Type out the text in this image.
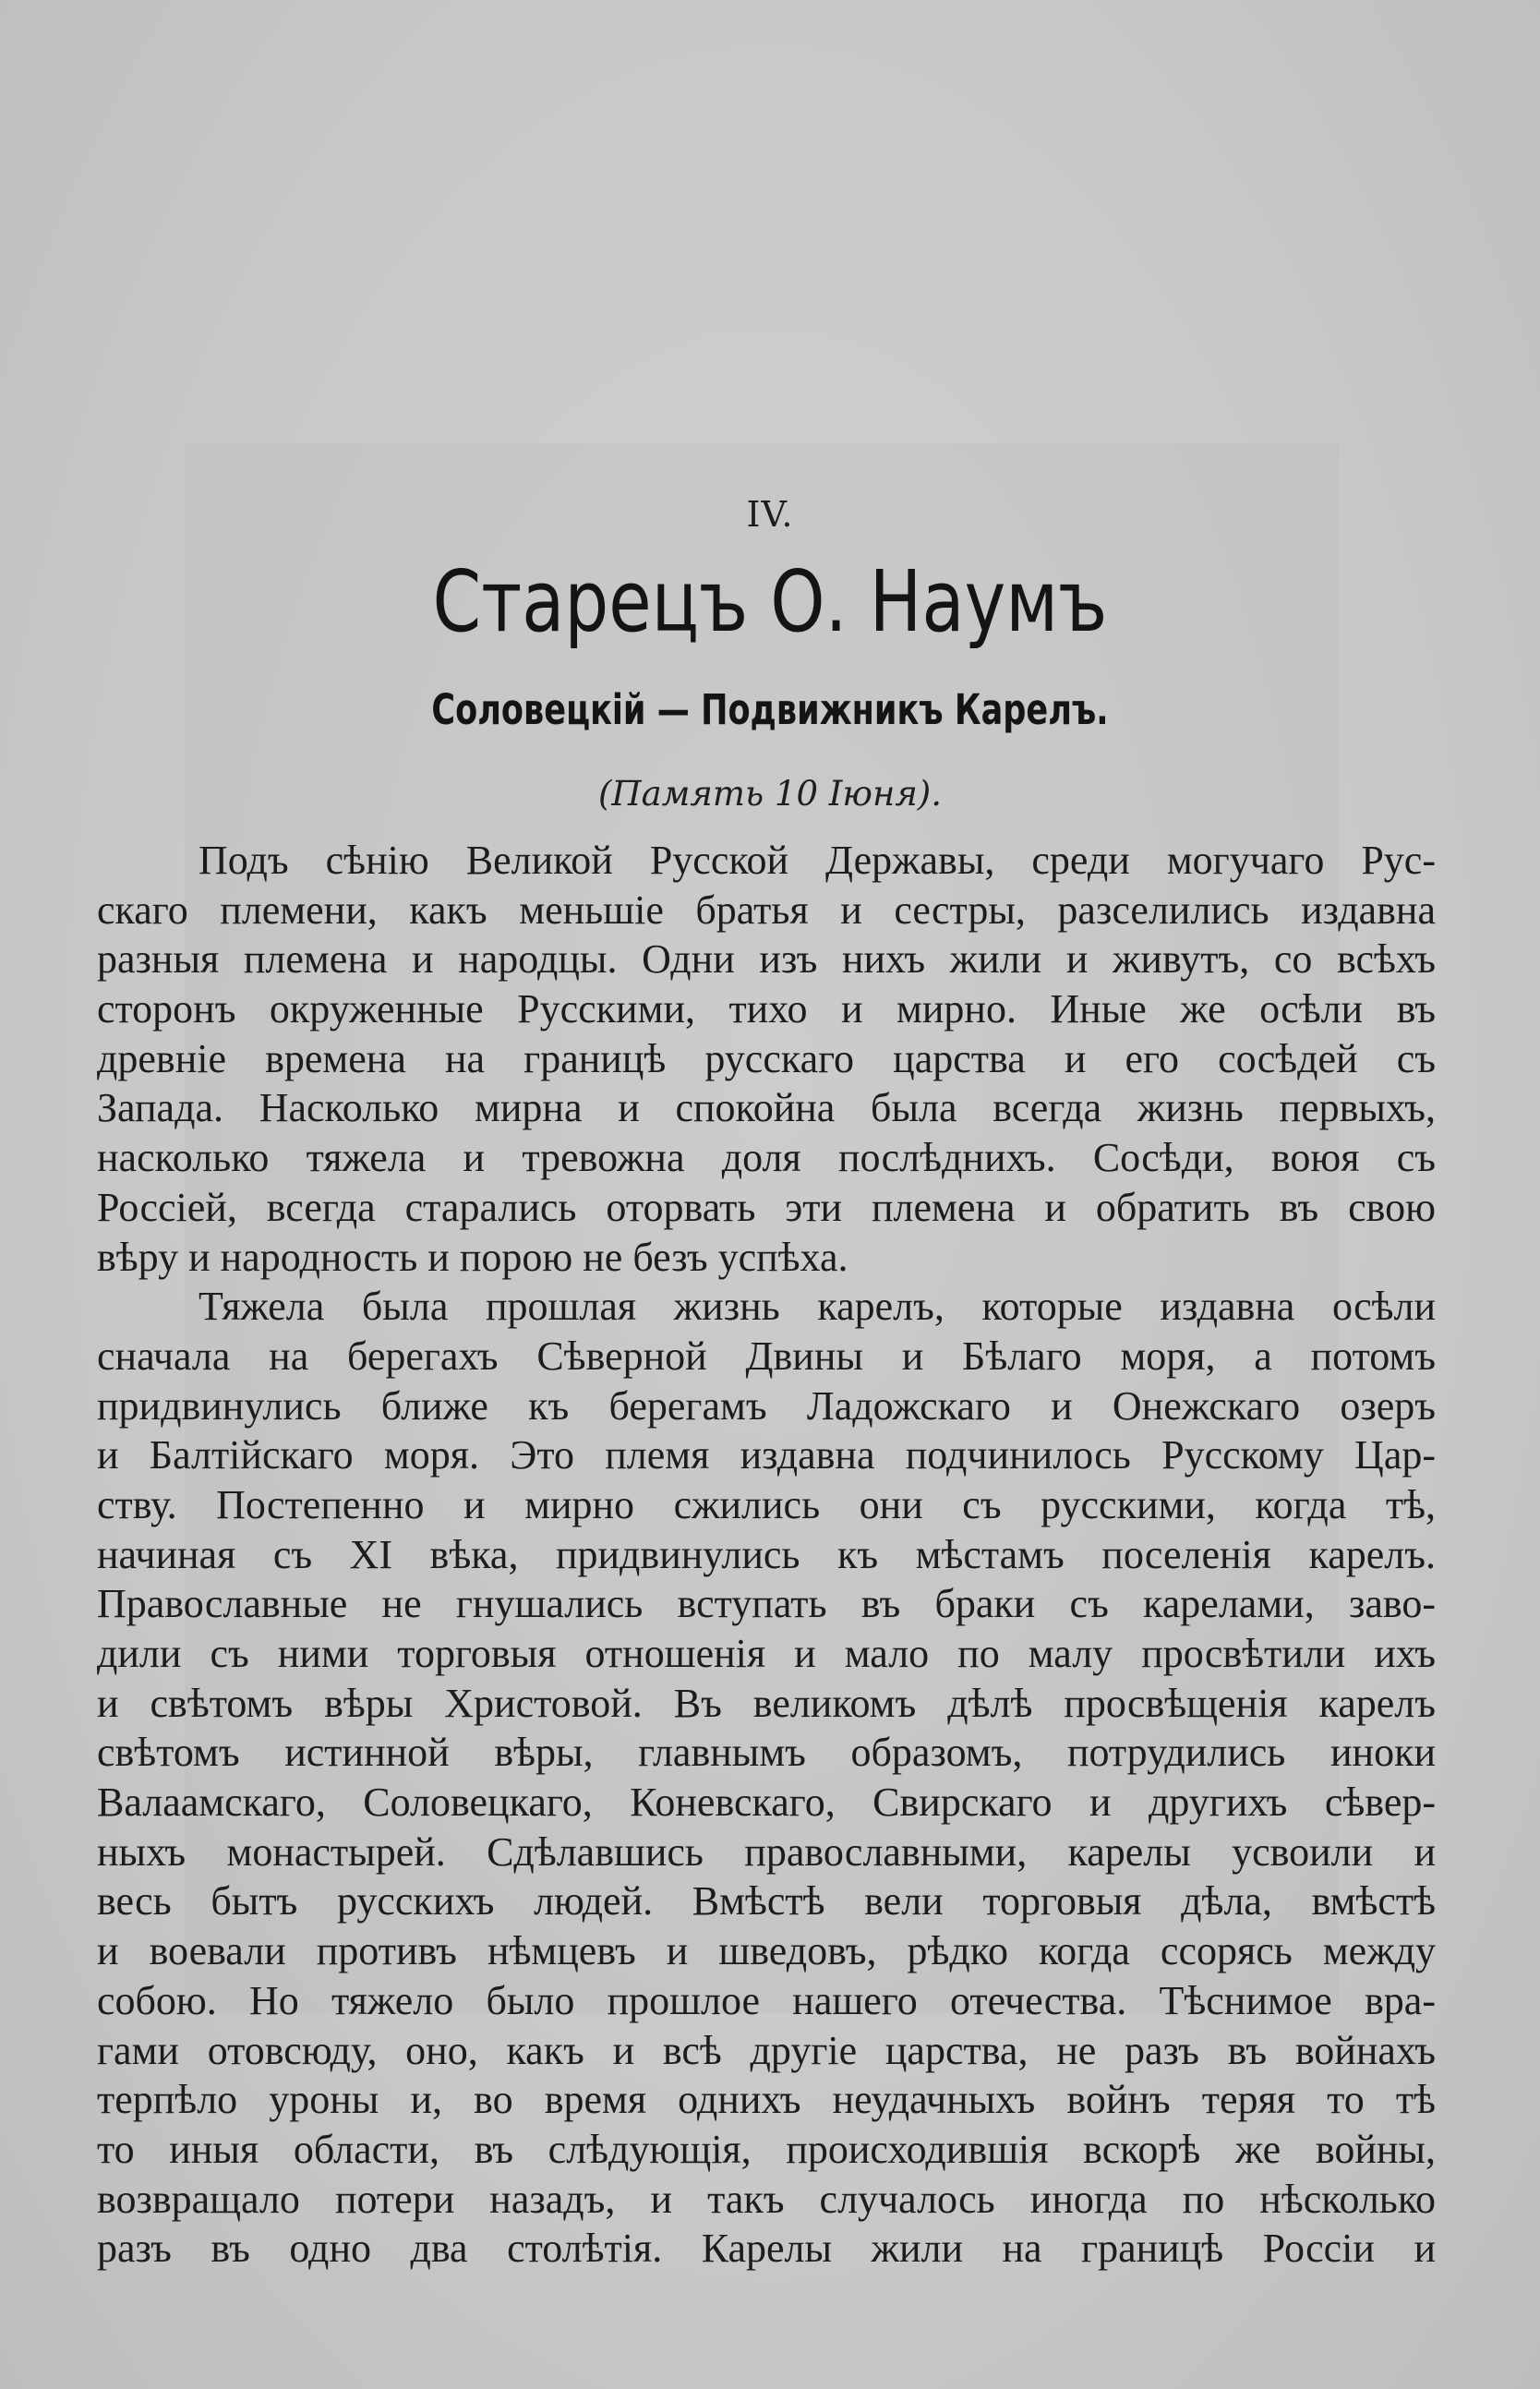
IV.
Старецъ О. Наумъ
Соловецкій — Подвижникъ Карелъ.
(Память 10 Іюня).
Подъ сѣнію Великой Русской Державы, среди могучаго Рус-
скаго племени, какъ меньшіе братья и сестры, разселились издавна
разныя племена и народцы. Одни изъ нихъ жили и живутъ, со всѣхъ
сторонъ окруженные Русскими, тихо и мирно. Иные же осѣли въ
древніе времена на границѣ русскаго царства и его сосѣдей съ
Запада. Насколько мирна и спокойна была всегда жизнь первыхъ,
насколько тяжела и тревожна доля послѣднихъ. Сосѣди, воюя съ
Россіей, всегда старались оторвать эти племена и обратить въ свою
вѣру и народность и порою не безъ успѣха.
Тяжела была прошлая жизнь карелъ, которые издавна осѣли
сначала на берегахъ Сѣверной Двины и Бѣлаго моря, а потомъ
придвинулись ближе къ берегамъ Ладожскаго и Онежскаго озеръ
и Балтійскаго моря. Это племя издавна подчинилось Русскому Цар-
ству. Постепенно и мирно сжились они съ русскими, когда тѣ,
начиная съ XI вѣка, придвинулись къ мѣстамъ поселенія карелъ.
Православные не гнушались вступать въ браки съ карелами, заво-
дили съ ними торговыя отношенія и мало по малу просвѣтили ихъ
и свѣтомъ вѣры Христовой. Въ великомъ дѣлѣ просвѣщенія карелъ
свѣтомъ истинной вѣры, главнымъ образомъ, потрудились иноки
Валаамскаго, Соловецкаго, Коневскаго, Свирскаго и другихъ сѣвер-
ныхъ монастырей. Сдѣлавшись православными, карелы усвоили и
весь бытъ русскихъ людей. Вмѣстѣ вели торговыя дѣла, вмѣстѣ
и воевали противъ нѣмцевъ и шведовъ, рѣдко когда ссорясь между
собою. Но тяжело было прошлое нашего отечества. Тѣснимое вра-
гами отовсюду, оно, какъ и всѣ другіе царства, не разъ въ войнахъ
терпѣло уроны и, во время однихъ неудачныхъ войнъ теряя то тѣ
то иныя области, въ слѣдующія, происходившія вскорѣ же войны,
возвращало потери назадъ, и такъ случалось иногда по нѣсколько
разъ въ одно два столѣтія. Карелы жили на границѣ Россіи и
